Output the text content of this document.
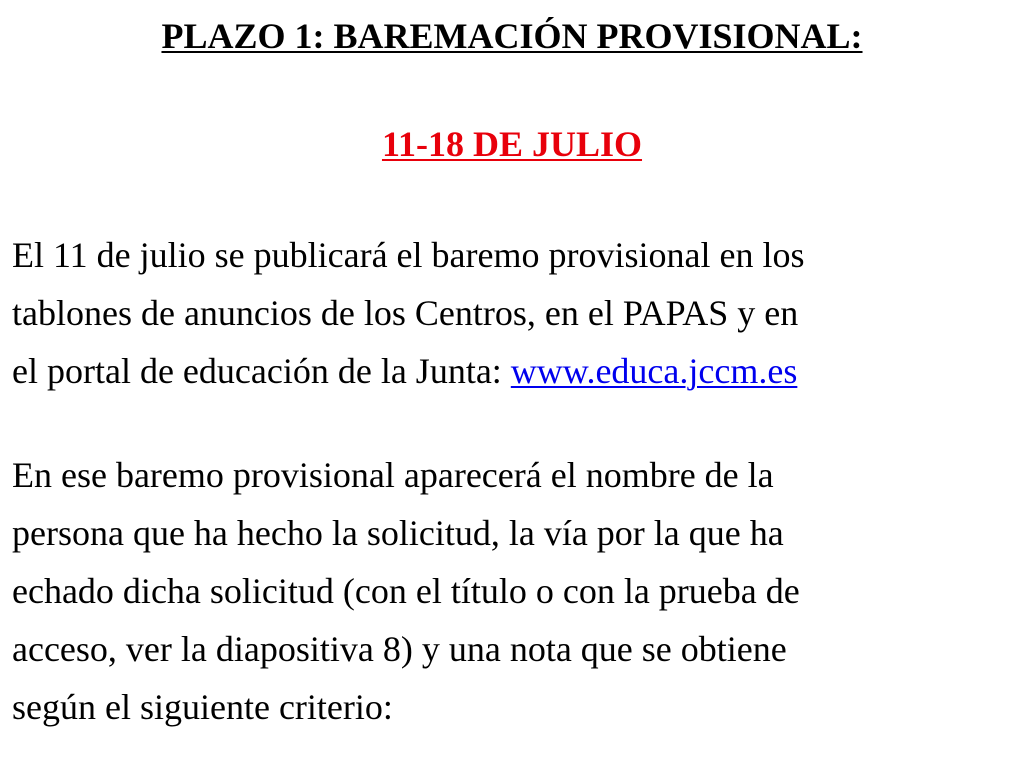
PLAZO 1: BAREMACIÓN PROVISIONAL:
11-18 DE JULIO

El 11 de julio se publicará el baremo provisional en los
tablones de anuncios de los Centros, en el PAPAS y en
el portal de educación de la Junta: www.educa.jccm.es

En ese baremo provisional aparecerá el nombre de la
persona que ha hecho la solicitud, la vía por la que ha
echado dicha solicitud (con el título o con la prueba de
acceso, ver la diapositiva 8) y una nota que se obtiene
según el siguiente criterio:
